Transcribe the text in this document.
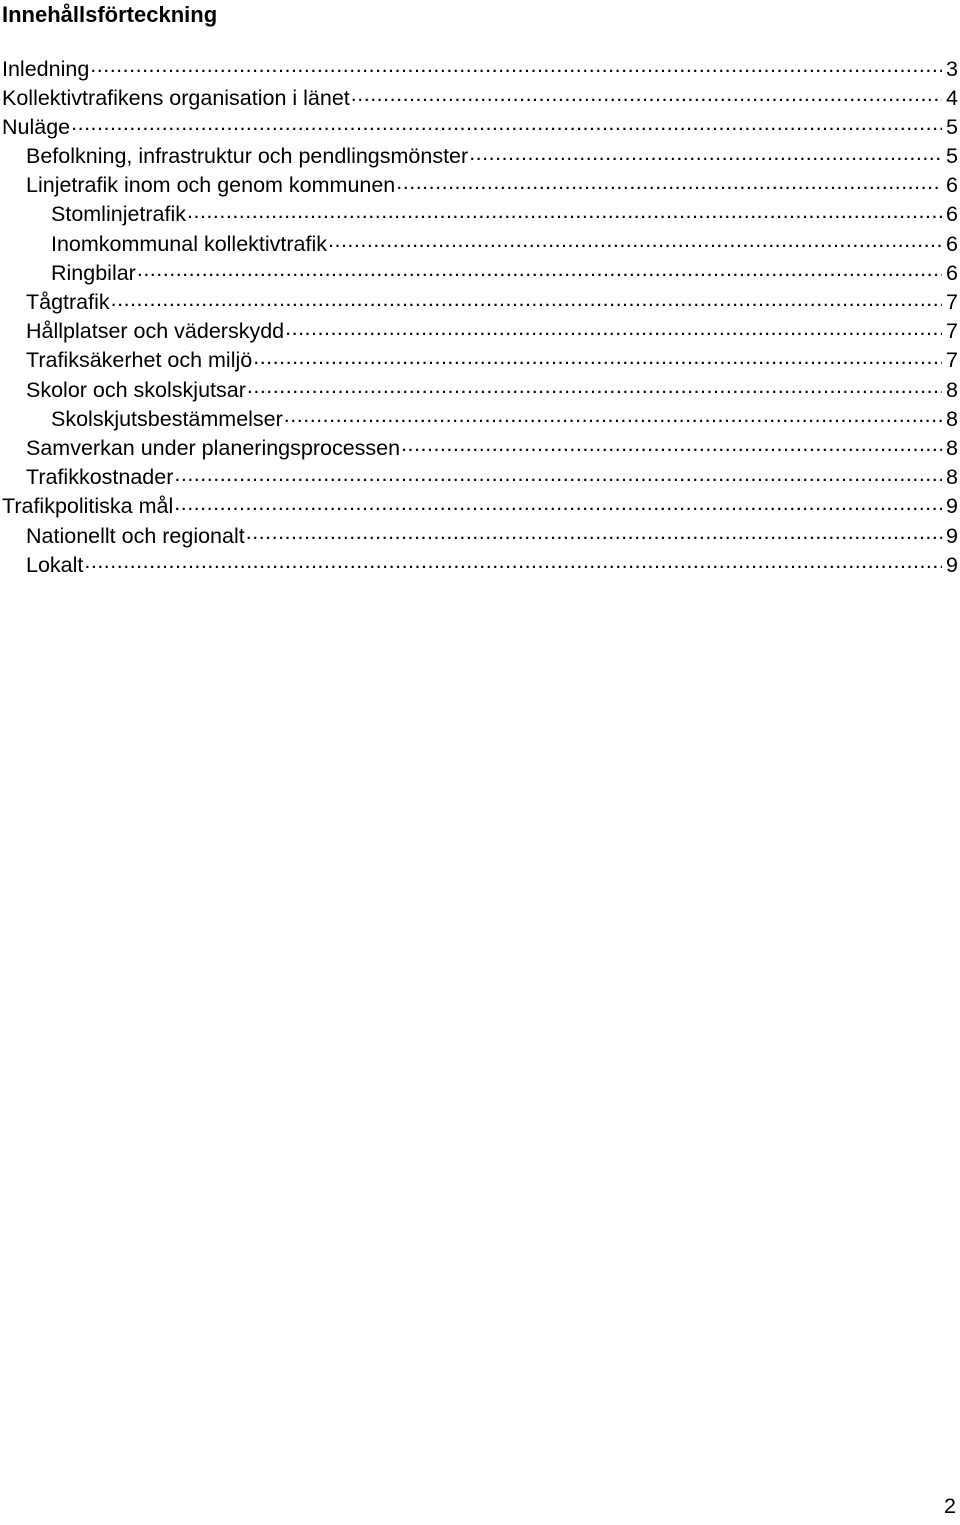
Innehållsförteckning
Inledning .....	3
Kollektivtrafikens organisation i länet .....	4
Nuläge .....	5
Befolkning, infrastruktur och pendlingsmönster .....	5
Linjetrafik inom och genom kommunen .....	6
Stomlinjetrafik .....	6
Inomkommunal kollektivtrafik .....	6
Ringbilar .....	6
Tågtrafik .....	7
Hållplatser och väderskydd .....	7
Trafiksäkerhet och miljö .....	7
Skolor och skolskjutsar .....	8
Skolskjutsbestämmelser .....	8
Samverkan under planeringsprocessen .....	8
Trafikkostnader .....	8
Trafikpolitiska mål .....	9
Nationellt och regionalt .....	9
Lokalt .....	9
2
